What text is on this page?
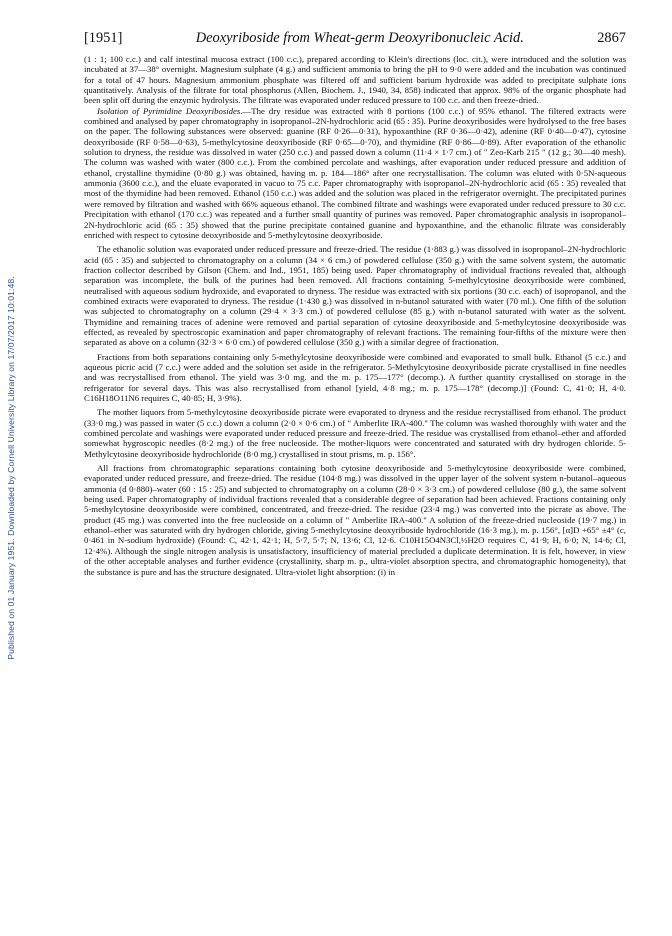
Published on 01 January 1951. Downloaded by Cornell University Library on 17/07/2017 10:01:48.
[1951]	Deoxyriboside from Wheat-germ Deoxyribonucleic Acid.	2867

(1 : 1; 100 c.c.) and calf intestinal mucosa extract (100 c.c.), prepared according to Klein's directions (loc. cit.), were introduced and the solution was incubated at 37—38° overnight. Magnesium sulphate (4 g.) and sufficient ammonia to bring the pH to 9·0 were added and the incubation was continued for a total of 47 hours. Magnesium ammonium phosphate was filtered off and sufficient barium hydroxide was added to precipitate sulphate ions quantitatively. Analysis of the filtrate for total phosphorus (Allen, Biochem. J., 1940, 34, 858) indicated that approx. 98% of the organic phosphate had been split off during the enzymic hydrolysis. The filtrate was evaporated under reduced pressure to 100 c.c. and then freeze-dried.

Isolation of Pyrimidine Deoxyribosides.—The dry residue was extracted with 8 portions (100 c.c.) of 95% ethanol. The filtered extracts were combined and analysed by paper chromatography in isopropanol–2N-hydrochloric acid (65 : 35). Purine deoxyribosides were hydrolysed to the free bases on the paper. The following substances were observed: guanine (RF 0·26—0·31), hypoxanthine (RF 0·36—0·42), adenine (RF 0·40—0·47), cytosine deoxyriboside (RF 0·58—0·63), 5-methylcytosine deoxyriboside (RF 0·65—0·70), and thymidine (RF 0·86—0·89). After evaporation of the ethanolic solution to dryness, the residue was dissolved in water (250 c.c.) and passed down a column (11·4 × 1·7 cm.) of " Zeo-Karb 215 " (12 g.; 30—40 mesh). The column was washed with water (800 c.c.). From the combined percolate and washings, after evaporation under reduced pressure and addition of ethanol, crystalline thymidine (0·80 g.) was obtained, having m. p. 184—186° after one recrystallisation. The column was eluted with 0·5N-aqueous ammonia (3600 c.c.), and the eluate evaporated in vacuo to 75 c.c. Paper chromatography with isopropanol–2N-hydrochloric acid (65 : 35) revealed that most of the thymidine had been removed. Ethanol (150 c.c.) was added and the solution was placed in the refrigerator overnight. The precipitated purines were removed by filtration and washed with 66% aqueous ethanol. The combined filtrate and washings were evaporated under reduced pressure to 30 c.c. Precipitation with ethanol (170 c.c.) was repeated and a further small quantity of purines was removed. Paper chromatographic analysis in isopropanol–2N-hydrochloric acid (65 : 35) showed that the purine precipitate contained guanine and hypoxanthine, and the ethanolic filtrate was considerably enriched with respect to cytosine deoxyriboside and 5-methylcytosine deoxyriboside.

The ethanolic solution was evaporated under reduced pressure and freeze-dried. The residue (1·883 g.) was dissolved in isopropanol–2N-hydrochloric acid (65 : 35) and subjected to chromatography on a column (34 × 6 cm.) of powdered cellulose (350 g.) with the same solvent system, the automatic fraction collector described by Gilson (Chem. and Ind., 1951, 185) being used. Paper chromatography of individual fractions revealed that, although separation was incomplete, the bulk of the purines had been removed. All fractions containing 5-methylcytosine deoxyriboside were combined, neutralised with aqueous sodium hydroxide, and evaporated to dryness. The residue was extracted with six portions (30 c.c. each) of isopropanol, and the combined extracts were evaporated to dryness. The residue (1·430 g.) was dissolved in n-butanol saturated with water (70 ml.). One fifth of the solution was subjected to chromatography on a column (29·4 × 3·3 cm.) of powdered cellulose (85 g.) with n-butanol saturated with water as the solvent. Thymidine and remaining traces of adenine were removed and partial separation of cytosine deoxyriboside and 5-methylcytosine deoxyriboside was effected, as revealed by spectroscopic examination and paper chromatography of relevant fractions. The remaining four-fifths of the mixture were then separated as above on a column (32·3 × 6·0 cm.) of powdered cellulose (350 g.) with a similar degree of fractionation.

Fractions from both separations containing only 5-methylcytosine deoxyriboside were combined and evaporated to small bulk. Ethanol (5 c.c.) and aqueous picric acid (7 c.c.) were added and the solution set aside in the refrigerator. 5-Methylcytosine deoxyriboside picrate crystallised in fine needles and was recrystallised from ethanol. The yield was 3·0 mg. and the m. p. 175—177° (decomp.). A further quantity crystallised on storage in the refrigerator for several days. This was also recrystallised from ethanol [yield, 4·8 mg.; m. p. 175—178° (decomp.)] (Found: C, 41·0; H, 4·0. C16H18O11N6 requires C, 40·85; H, 3·9%).

The mother liquors from 5-methylcytosine deoxyriboside picrate were evaporated to dryness and the residue recrystallised from ethanol. The product (33·0 mg.) was passed in water (5 c.c.) down a column (2·0 × 0·6 cm.) of " Amberlite IRA-400." The column was washed thoroughly with water and the combined percolate and washings were evaporated under reduced pressure and freeze-dried. The residue was crystallised from ethanol–ether and afforded somewhat hygroscopic needles (8·2 mg.) of the free nucleoside. The mother-liquors were concentrated and saturated with dry hydrogen chloride. 5-Methylcytosine deoxyriboside hydrochloride (8·0 mg.) crystallised in stout prisms, m. p. 156°.

All fractions from chromatographic separations containing both cytosine deoxyriboside and 5-methylcytosine deoxyriboside were combined, evaporated under reduced pressure, and freeze-dried. The residue (104·8 mg.) was dissolved in the upper layer of the solvent system n-butanol–aqueous ammonia (d 0·880)–water (60 : 15 : 25) and subjected to chromatography on a column (28·0 × 3·3 cm.) of powdered cellulose (80 g.), the same solvent being used. Paper chromatography of individual fractions revealed that a considerable degree of separation had been achieved. Fractions containing only 5-methylcytosine deoxyriboside were combined, concentrated, and freeze-dried. The residue (23·4 mg.) was converted into the picrate as above. The product (45 mg.) was converted into the free nucleoside on a column of " Amberlite IRA-400." A solution of the freeze-dried nucleoside (19·7 mg.) in ethanol–ether was saturated with dry hydrogen chloride, giving 5-methylcytosine deoxyriboside hydrochloride (16·3 mg.), m. p. 156°, [α]D +65° ±4° (c, 0·461 in N-sodium hydroxide) (Found: C, 42·1, 42·1; H, 5·7, 5·7; N, 13·6; Cl, 12·6. C10H15O4N3Cl,½H2O requires C, 41·9; H, 6·0; N, 14·6; Cl, 12·4%). Although the single nitrogen analysis is unsatisfactory, insufficiency of material precluded a duplicate determination. It is felt, however, in view of the other acceptable analyses and further evidence (crystallinity, sharp m. p., ultra-violet absorption spectra, and chromatographic homogeneity), that the substance is pure and has the structure designated. Ultra-violet light absorption: (i) in
